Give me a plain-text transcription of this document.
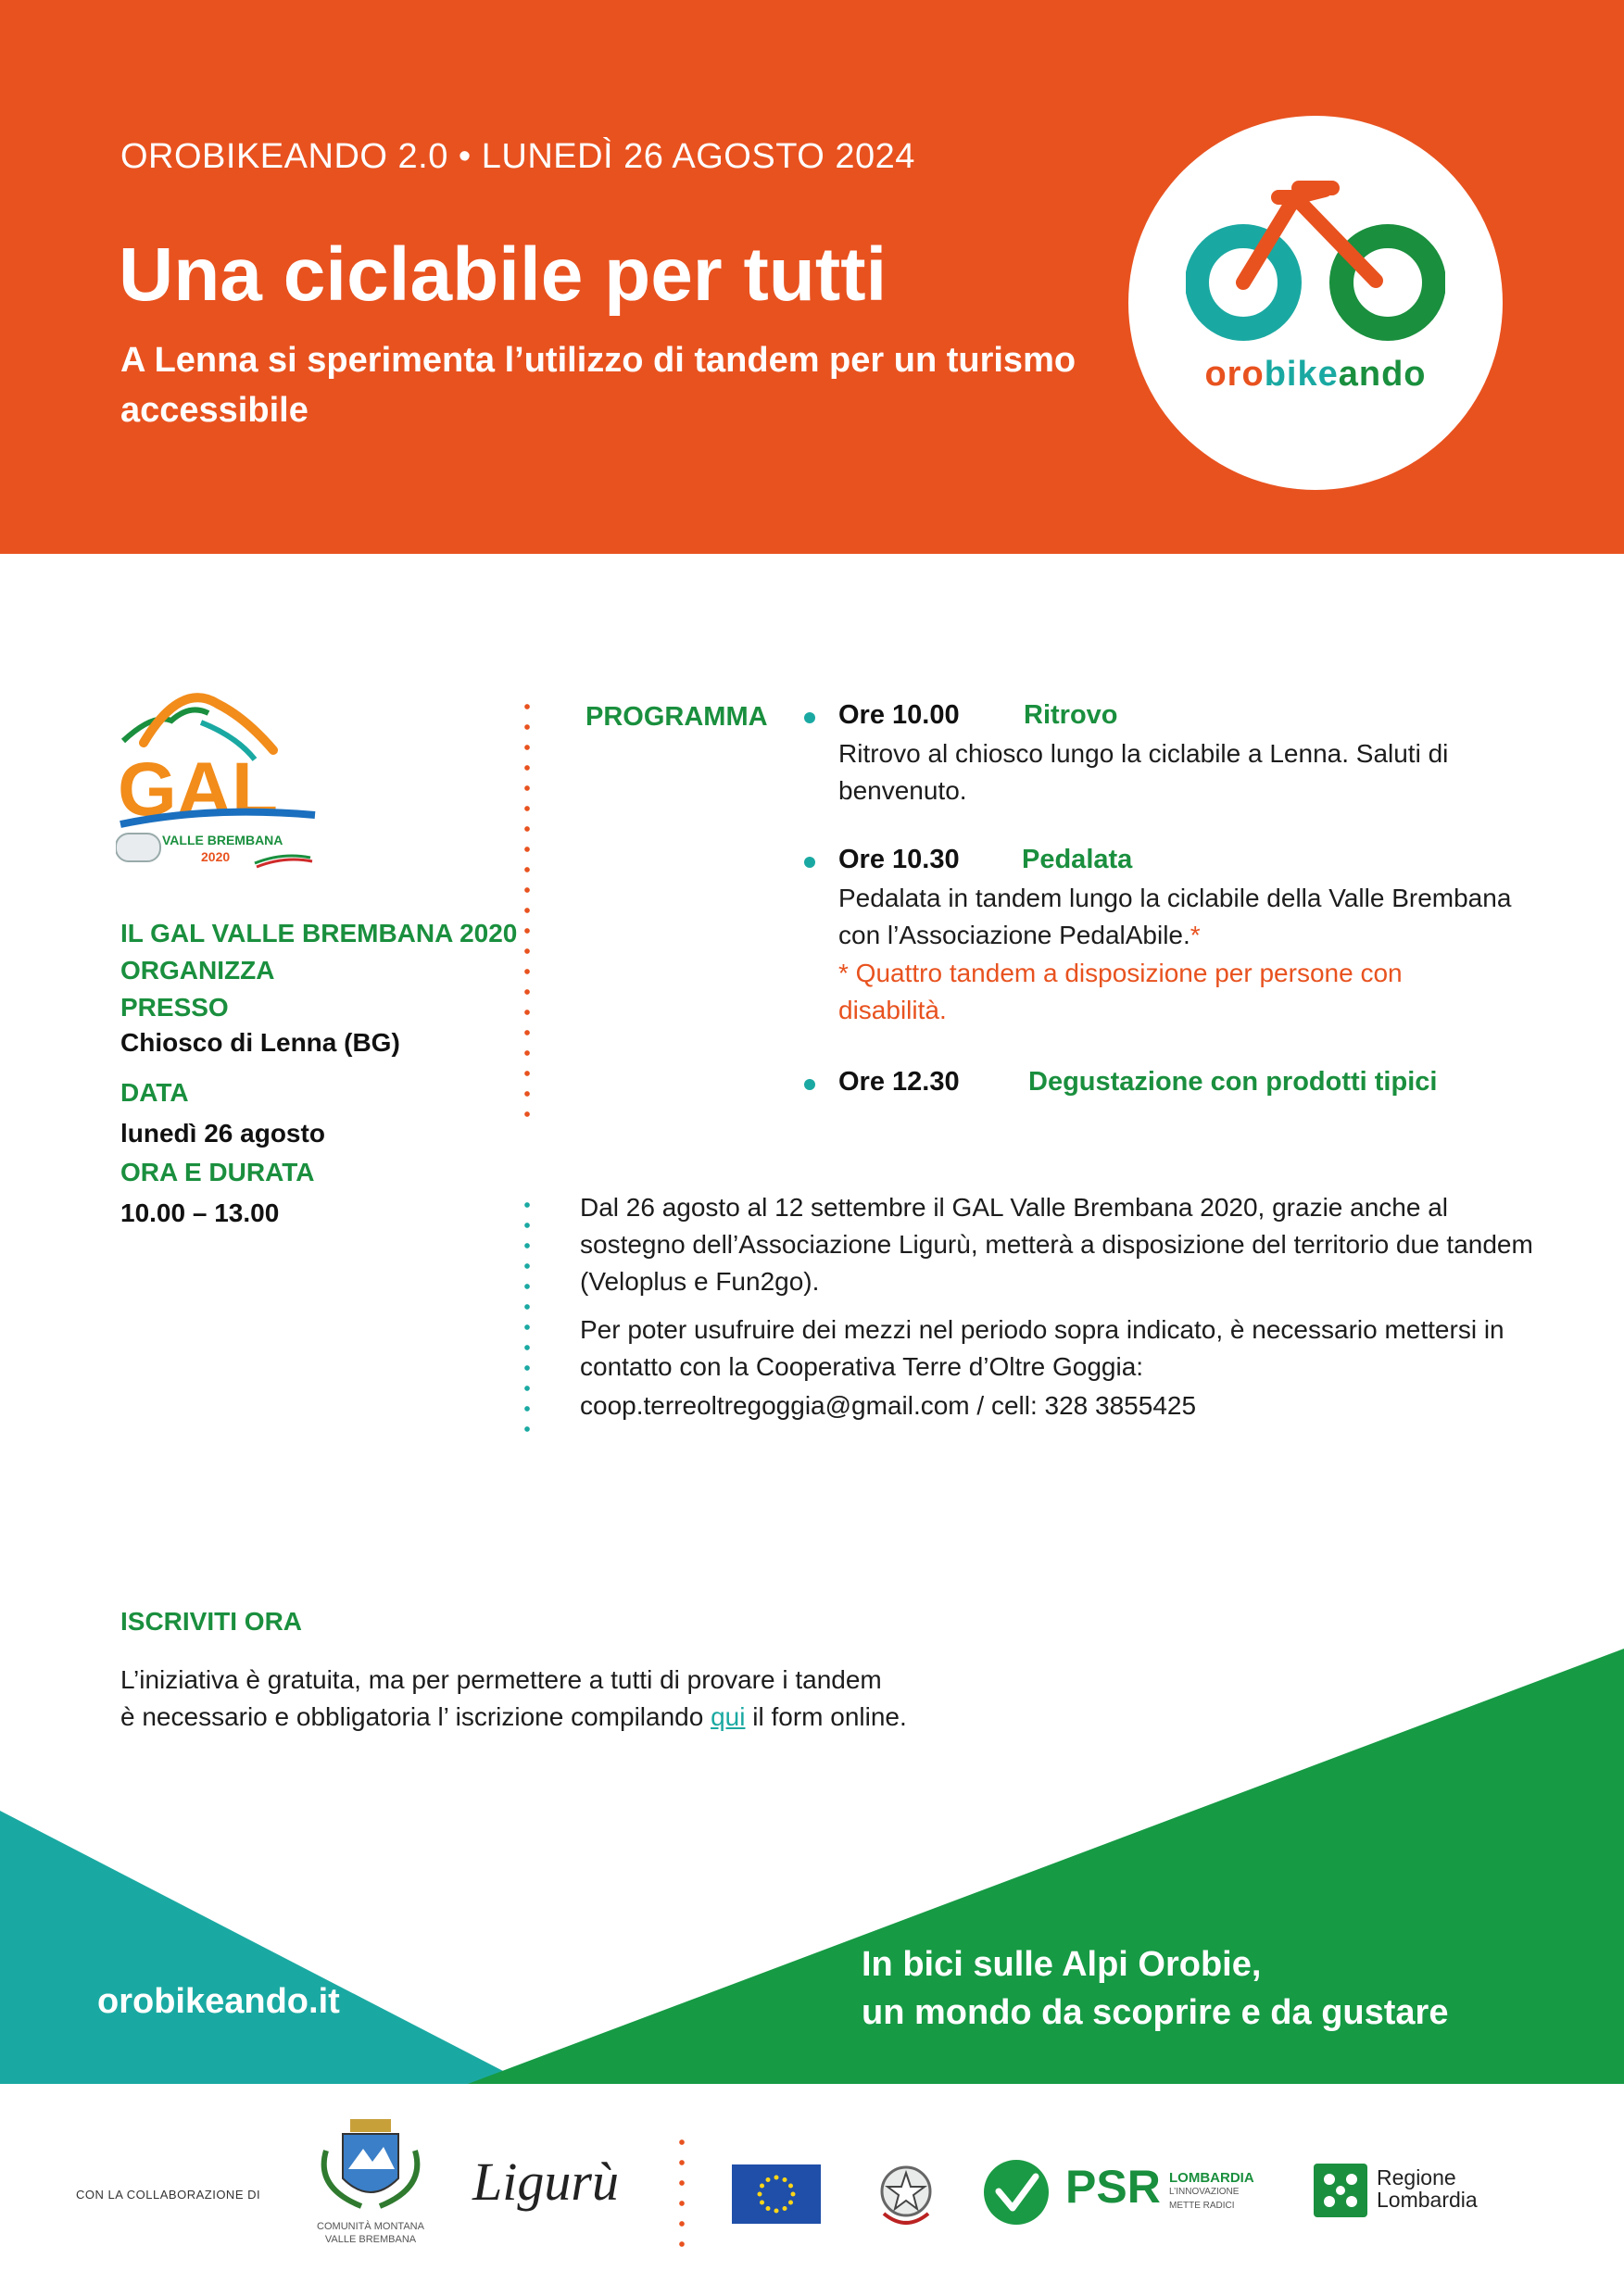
OROBIKEANDO 2.0 • LUNEDÌ 26 AGOSTO 2024
Una ciclabile per tutti
A Lenna si sperimenta l’utilizzo di tandem per un turismo accessibile
orobikeando
GAL
VALLE BREMBANA
2020
IL GAL VALLE BREMBANA 2020 ORGANIZZA
PRESSO
Chiosco di Lenna (BG)
DATA
lunedì 26 agosto
ORA E DURATA
10.00 – 13.00
PROGRAMMA	Ore 10.00 Ritrovo
Ritrovo al chiosco lungo la ciclabile a Lenna. Saluti di benvenuto.
Ore 10.30 Pedalata
Pedalata in tandem lungo la ciclabile della Valle Brembana con l’Associazione PedalAbile.*
* Quattro tandem a disposizione per persone con disabilità.
Ore 12.30	Degustazione con prodotti tipici
Dal 26 agosto al 12 settembre il GAL Valle Brembana 2020, grazie anche al sostegno dell’Associazione Ligurù, metterà a disposizione del territorio due tandem (Veloplus e Fun2go).
Per poter usufruire dei mezzi nel periodo sopra indicato, è necessario mettersi in contatto con la Cooperativa Terre d’Oltre Goggia:
coop.terreoltregoggia@gmail.com / cell: 328 3855425
ISCRIVITI ORA
L’iniziativa è gratuita, ma per permettere a tutti di provare i tandem
è necessario e obbligatoria l’ iscrizione compilando qui il form online.
orobikeando.it
In bici sulle Alpi Orobie,
un mondo da scoprire e da gustare
CON LA COLLABORAZIONE DI
COMUNITÀ MONTANA
VALLE BREMBANA
Ligurù	PSR LOMBARDIA
L’INNOVAZIONE
METTE RADICI
Regione
Lombardia
